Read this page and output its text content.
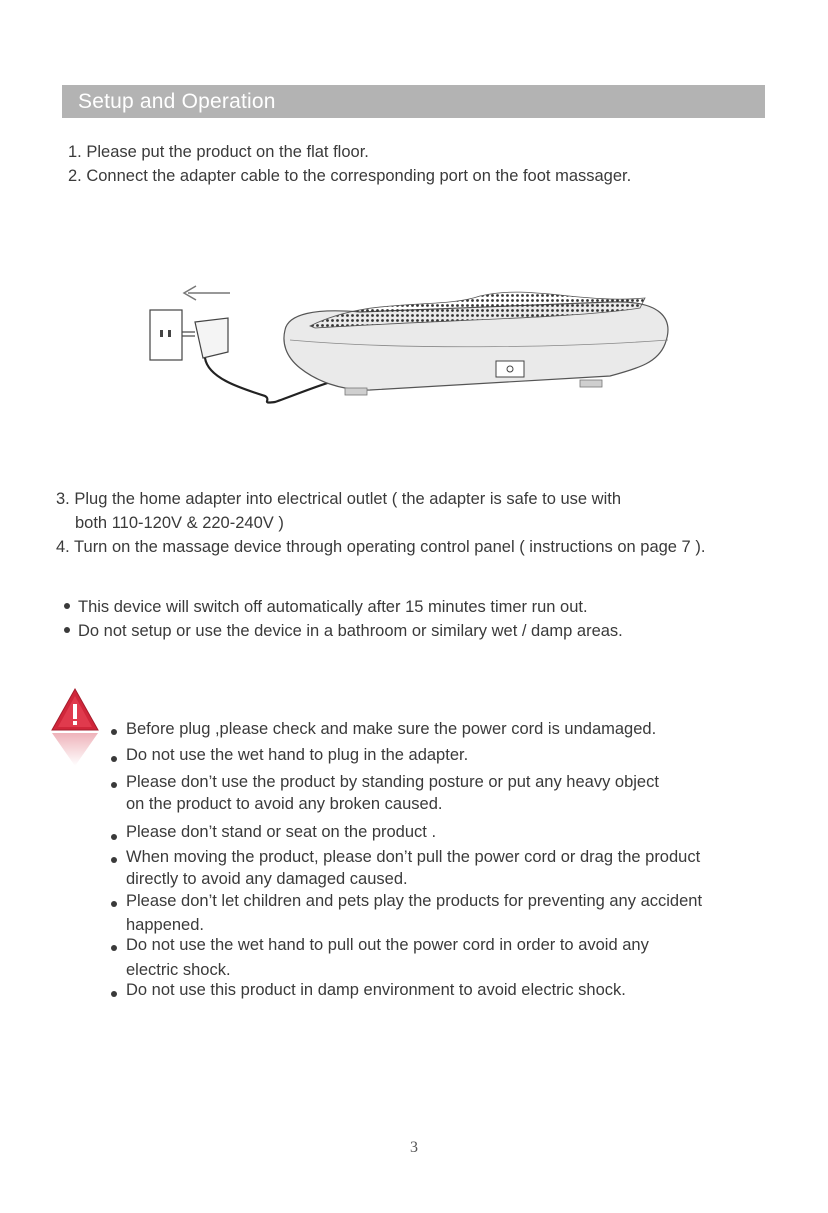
Setup and Operation
1. Please put the product on the flat floor.
2. Connect the adapter cable to the corresponding port on the foot massager.
3. Plug the home adapter into electrical outlet ( the adapter is safe to use with
both 110-120V & 220-240V )
4. Turn on the massage device through operating control panel ( instructions on page 7 ).
This device will switch off automatically after 15 minutes timer run out.
Do not setup or use the device in a bathroom or similary wet / damp areas.
Before plug ,please check and make sure the power cord is undamaged.
Do not use the wet hand to plug in the adapter.
Please don’t use the product by standing posture or put any heavy object
on the product to avoid any broken caused.
Please don’t stand or seat on the product .
When moving the product, please don’t pull the power cord or drag the product
directly to avoid any damaged caused.
Please don’t let children and pets play the products for preventing any accident
happened.
Do not use the wet hand to pull out the power cord in order to avoid any
electric shock.
Do not use this product in damp environment to avoid electric shock.
3
